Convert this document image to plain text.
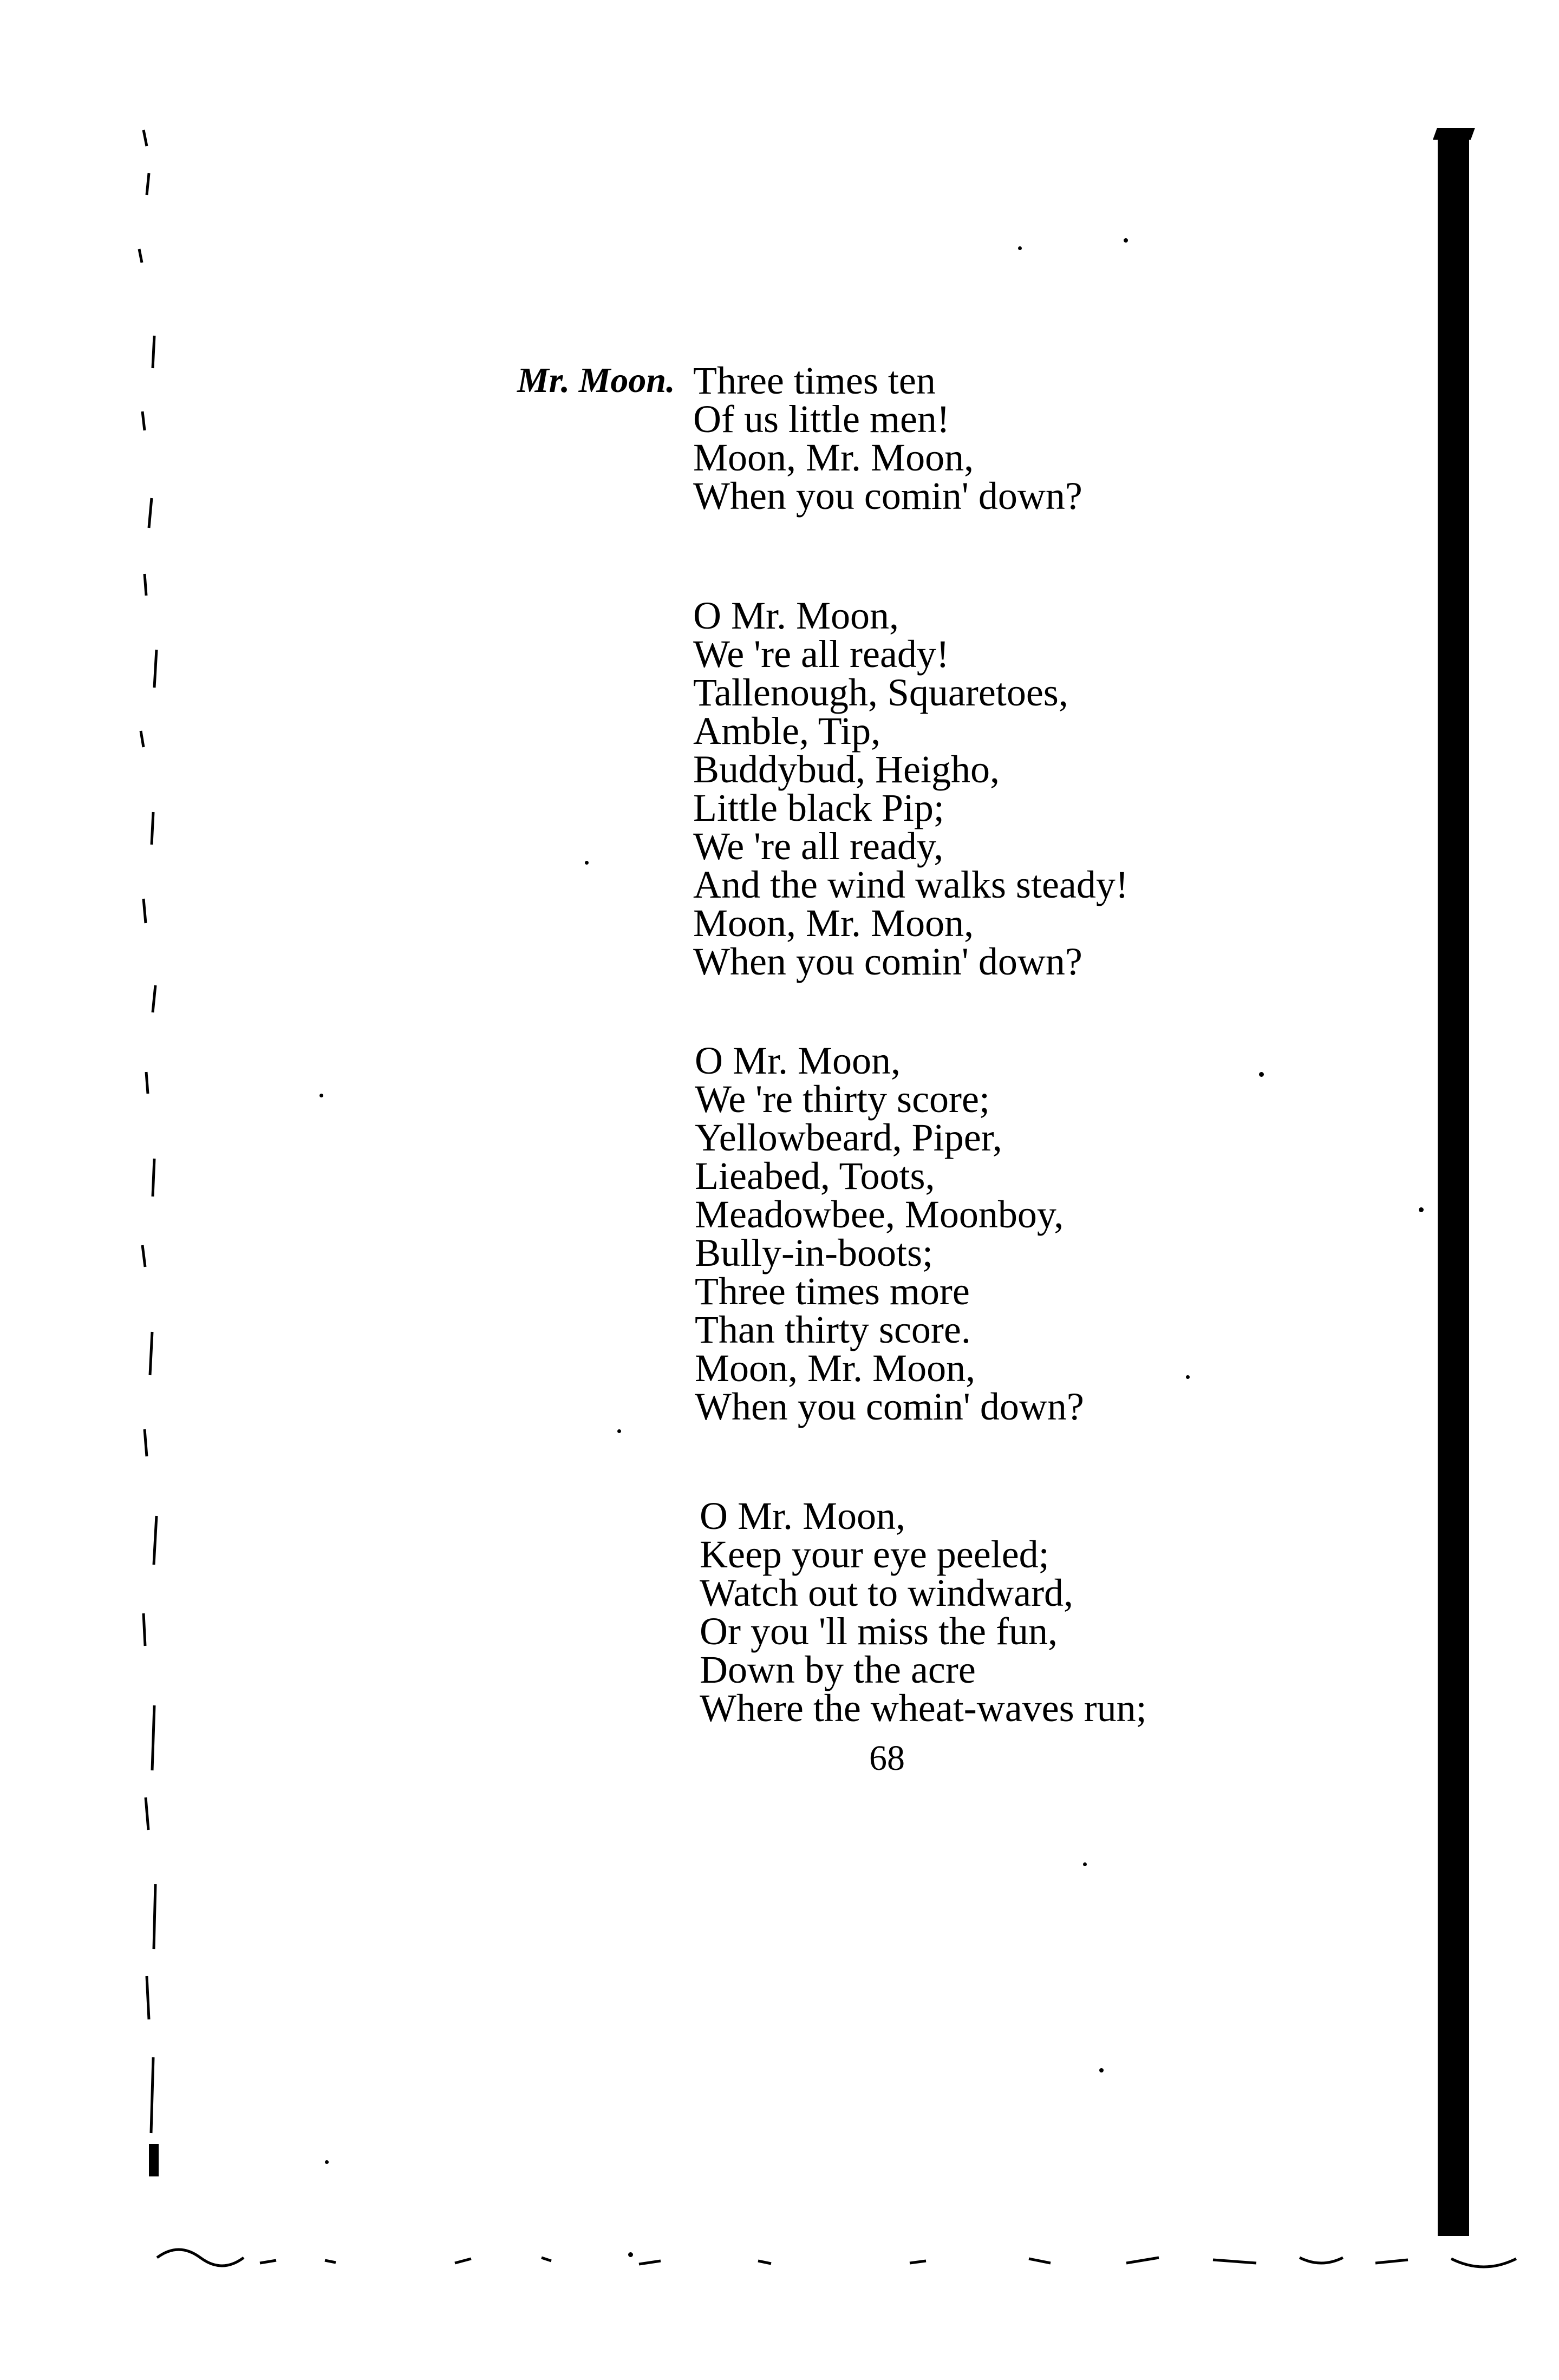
Mr. Moon. Three times ten
Of us little men!
Moon, Mr. Moon,
When you comin' down?
O Mr. Moon,
We 're all ready!
Tallenough, Squaretoes,
Amble, Tip,
Buddybud, Heigho,
Little black Pip;
We 're all ready,
And the wind walks steady!
Moon, Mr. Moon,
When you comin' down?
O Mr. Moon,
We 're thirty score;
Yellowbeard, Piper,
Lieabed, Toots,
Meadowbee, Moonboy,
Bully-in-boots;
Three times more
Than thirty score.
Moon, Mr. Moon,
When you comin' down?
O Mr. Moon,
Keep your eye peeled;
Watch out to windward,
Or you 'll miss the fun,
Down by the acre
Where the wheat-waves run;
68
